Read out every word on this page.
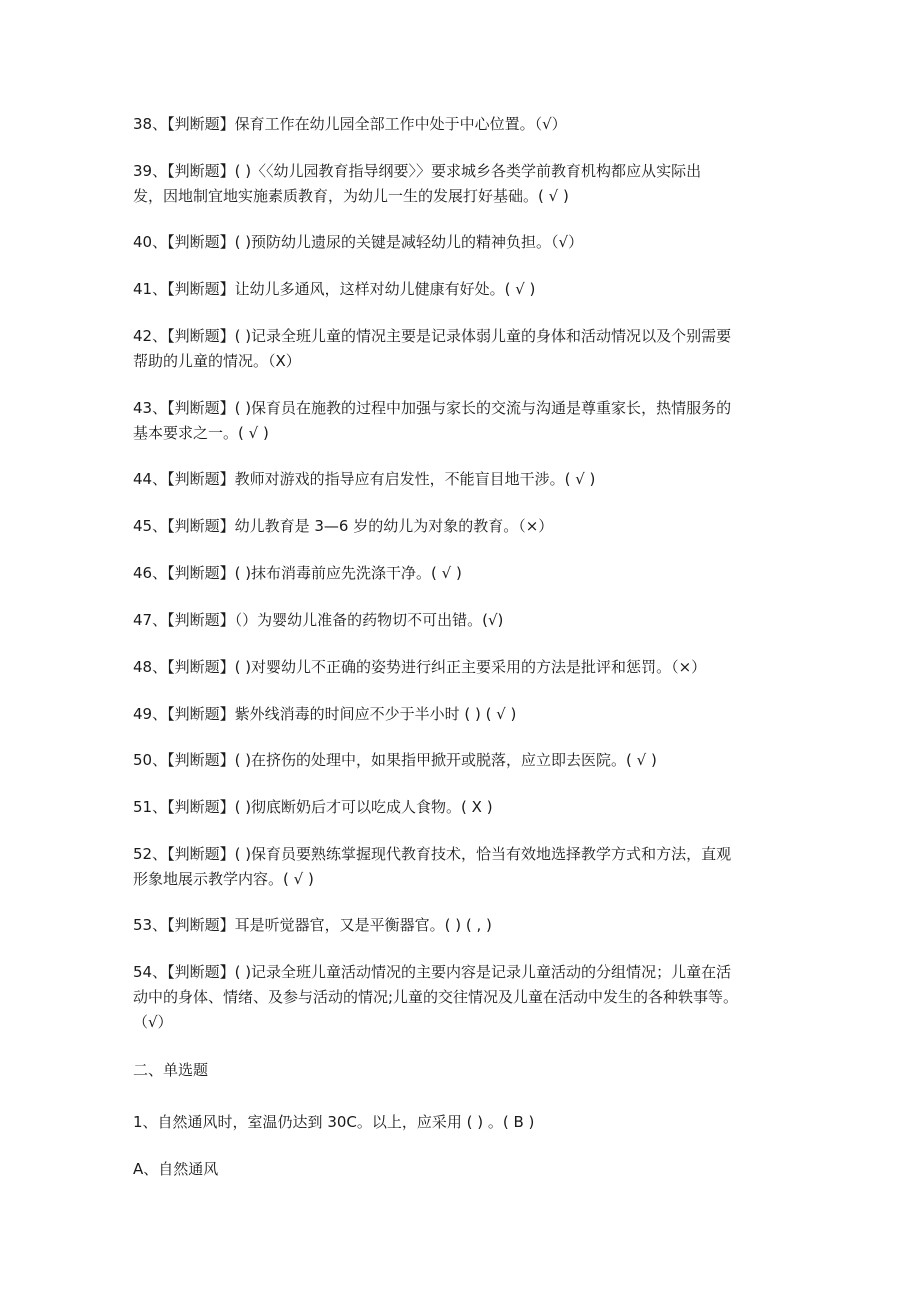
38、【判断题】保育工作在幼儿园全部工作中处于中心位置。（√）
39、【判断题】( )〈〈幼儿园教育指导纲要〉〉要求城乡各类学前教育机构都应从实际出
发，因地制宜地实施素质教育，为幼儿一生的发展打好基础。( √ )
40、【判断题】( )预防幼儿遗尿的关键是减轻幼儿的精神负担。（√）
41、【判断题】让幼儿多通风，这样对幼儿健康有好处。( √ )
42、【判断题】( )记录全班儿童的情况主要是记录体弱儿童的身体和活动情况以及个别需要
帮助的儿童的情况。（X）
43、【判断题】( )保育员在施教的过程中加强与家长的交流与沟通是尊重家长，热情服务的
基本要求之一。( √ )
44、【判断题】教师对游戏的指导应有启发性，不能盲目地干涉。( √ )
45、【判断题】幼儿教育是 3—6 岁的幼儿为对象的教育。（×）
46、【判断题】( )抹布消毒前应先洗涤干净。( √ )
47、【判断题】（）为婴幼儿准备的药物切不可出错。(√)
48、【判断题】( )对婴幼儿不正确的姿势进行纠正主要采用的方法是批评和惩罚。（×）
49、【判断题】紫外线消毒的时间应不少于半小时 ( ) ( √ )
50、【判断题】( )在挤伤的处理中，如果指甲掀开或脱落，应立即去医院。( √ )
51、【判断题】( )彻底断奶后才可以吃成人食物。( X )
52、【判断题】( )保育员要熟练掌握现代教育技术，恰当有效地选择教学方式和方法，直观
形象地展示教学内容。( √ )
53、【判断题】耳是听觉器官，又是平衡器官。( ) ( , )
54、【判断题】( )记录全班儿童活动情况的主要内容是记录儿童活动的分组情况；儿童在活
动中的身体、情绪、及参与活动的情况;儿童的交往情况及儿童在活动中发生的各种轶事等。
（√）
二、单选题
1、自然通风时，室温仍达到 30C。以上，应采用 ( ) 。( B )
A、自然通风
